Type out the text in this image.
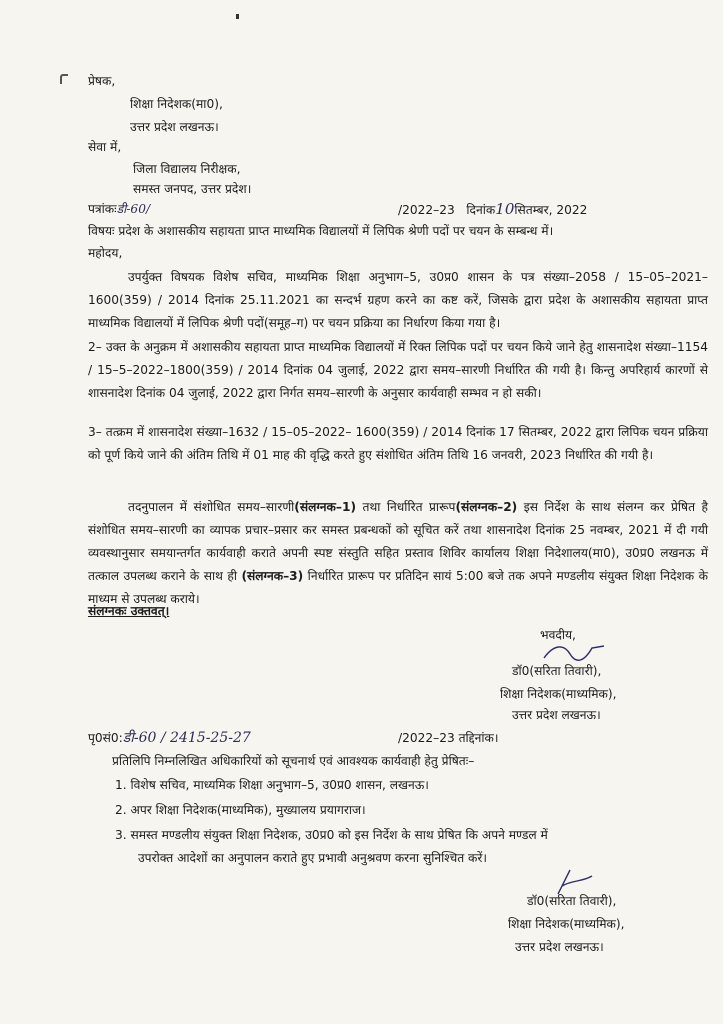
प्रेषक,
शिक्षा निदेशक(मा0),
उत्तर प्रदेश लखनऊ।
सेवा में,
जिला विद्यालय निरीक्षक,
समस्त जनपद, उत्तर प्रदेश।
पत्रांकःडी-60/	/2022–23 दिनांक10सितम्बर, 2022
विषयः प्रदेश के अशासकीय सहायता प्राप्त माध्यमिक विद्यालयों में लिपिक श्रेणी पदों पर चयन के सम्बन्ध में।
महोदय,
उपर्युक्त विषयक विशेष सचिव, माध्यमिक शिक्षा अनुभाग–5, उ0प्र0 शासन के पत्र संख्या–2058 / 15–05–2021–1600(359) / 2014 दिनांक 25.11.2021 का सन्दर्भ ग्रहण करने का कष्ट करें, जिसके द्वारा प्रदेश के अशासकीय सहायता प्राप्त माध्यमिक विद्यालयों में लिपिक श्रेणी पदों(समूह–ग) पर चयन प्रक्रिया का निर्धारण किया गया है।
2– उक्त के अनुक्रम में अशासकीय सहायता प्राप्त माध्यमिक विद्यालयों में रिक्त लिपिक पदों पर चयन किये जाने हेतु शासनादेश संख्या–1154 / 15–5–2022–1800(359) / 2014 दिनांक 04 जुलाई, 2022 द्वारा समय–सारणी निर्धारित की गयी है। किन्तु अपरिहार्य कारणों से शासनादेश दिनांक 04 जुलाई, 2022 द्वारा निर्गत समय–सारणी के अनुसार कार्यवाही सम्भव न हो सकी।
3– तत्क्रम में शासनादेश संख्या–1632 / 15–05–2022– 1600(359) / 2014 दिनांक 17 सितम्बर, 2022 द्वारा लिपिक चयन प्रक्रिया को पूर्ण किये जाने की अंतिम तिथि में 01 माह की वृद्धि करते हुए संशोधित अंतिम तिथि 16 जनवरी, 2023 निर्धारित की गयी है।
तदनुपालन में संशोधित समय–सारणी(संलग्नक–1) तथा निर्धारित प्रारूप(संलग्नक–2) इस निर्देश के साथ संलग्न कर प्रेषित है संशोधित समय–सारणी का व्यापक प्रचार–प्रसार कर समस्त प्रबन्धकों को सूचित करें तथा शासनादेश दिनांक 25 नवम्बर, 2021 में दी गयी व्यवस्थानुसार समयान्तर्गत कार्यवाही कराते अपनी स्पष्ट संस्तुति सहित प्रस्ताव शिविर कार्यालय शिक्षा निदेशालय(मा0), उ0प्र0 लखनऊ में तत्काल उपलब्ध कराने के साथ ही (संलग्नक–3) निर्धारित प्रारूप पर प्रतिदिन सायं 5:00 बजे तक अपने मण्डलीय संयुक्त शिक्षा निदेशक के माध्यम से उपलब्ध कराये।
संलग्नकः उक्तवत्।
भवदीय,
डॉ0(सरिता तिवारी),
शिक्षा निदेशक(माध्यमिक),
उत्तर प्रदेश लखनऊ।
पृ0सं0:डी-60 / 2415-25-27	/2022–23 तद्दिनांक।
प्रतिलिपि निम्नलिखित अधिकारियों को सूचनार्थ एवं आवश्यक कार्यवाही हेतु प्रेषितः–
1. विशेष सचिव, माध्यमिक शिक्षा अनुभाग–5, उ0प्र0 शासन, लखनऊ।
2. अपर शिक्षा निदेशक(माध्यमिक), मुख्यालय प्रयागराज।
3. समस्त मण्डलीय संयुक्त शिक्षा निदेशक, उ0प्र0 को इस निर्देश के साथ प्रेषित कि अपने मण्डल में
उपरोक्त आदेशों का अनुपालन कराते हुए प्रभावी अनुश्रवण करना सुनिश्चित करें।
डॉ0(सरिता तिवारी),
शिक्षा निदेशक(माध्यमिक),
उत्तर प्रदेश लखनऊ।
